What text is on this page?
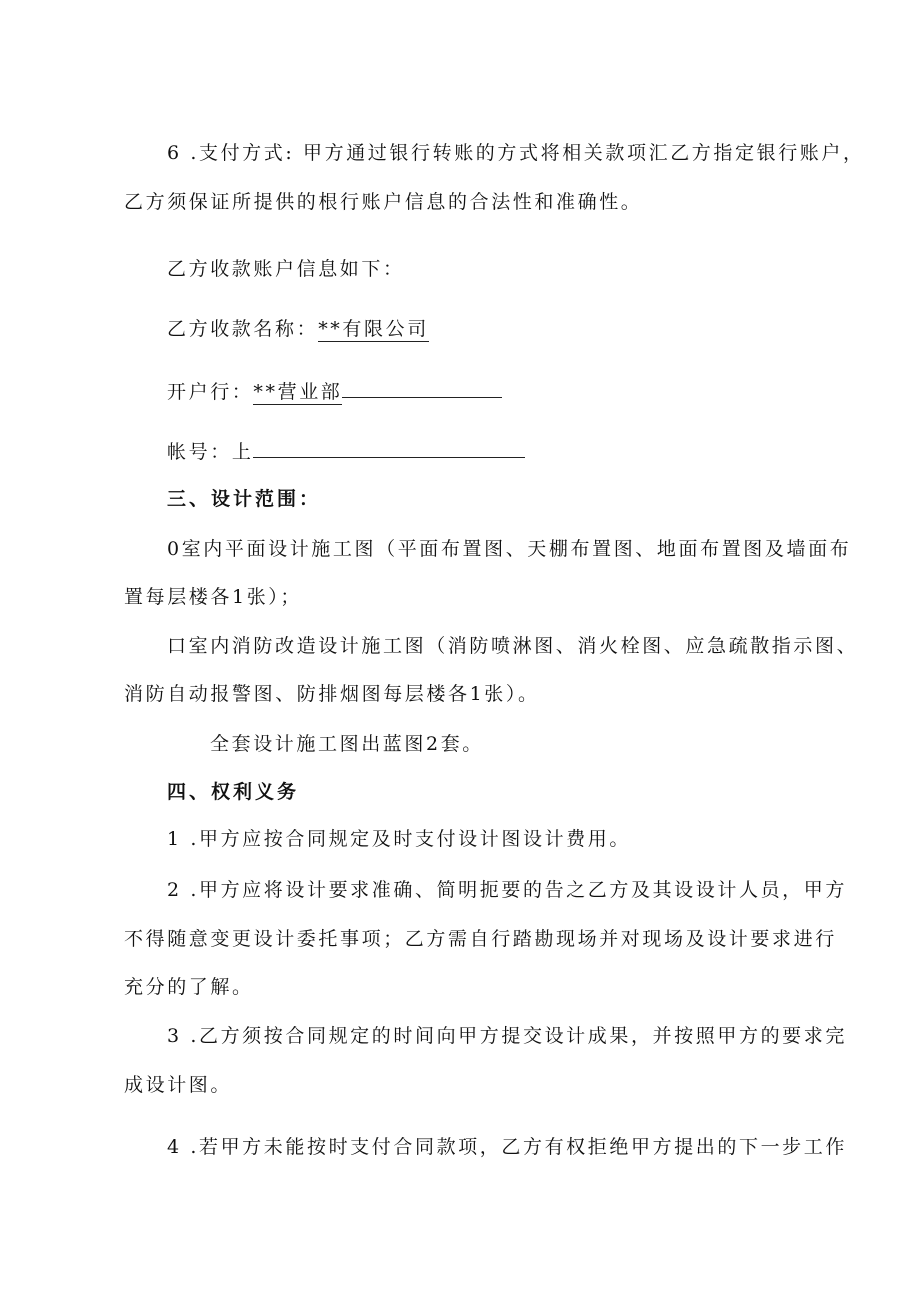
6 .支付方式: 甲方通过银行转账的方式将相关款项汇乙方指定银行账户，
乙方须保证所提供的根行账户信息的合法性和准确性。
乙方收款账户信息如下：
乙方收款名称：**有限公司
开户行：**营业部
帐号：上
三、设计范围：
0室内平面设计施工图（平面布置图、天棚布置图、地面布置图及墙面布
置每层楼各1张）；
口室内消防改造设计施工图（消防喷淋图、消火栓图、应急疏散指示图、
消防自动报警图、防排烟图每层楼各1张）。
全套设计施工图出蓝图2套。
四、权利义务
1 .甲方应按合同规定及时支付设计图设计费用。
2 .甲方应将设计要求准确、简明扼要的告之乙方及其设设计人员，甲方
不得随意变更设计委托事项；乙方需自行踏勘现场并对现场及设计要求进行
充分的了解。
3 .乙方须按合同规定的时间向甲方提交设计成果，并按照甲方的要求完
成设计图。
4 .若甲方未能按时支付合同款项，乙方有权拒绝甲方提出的下一步工作
